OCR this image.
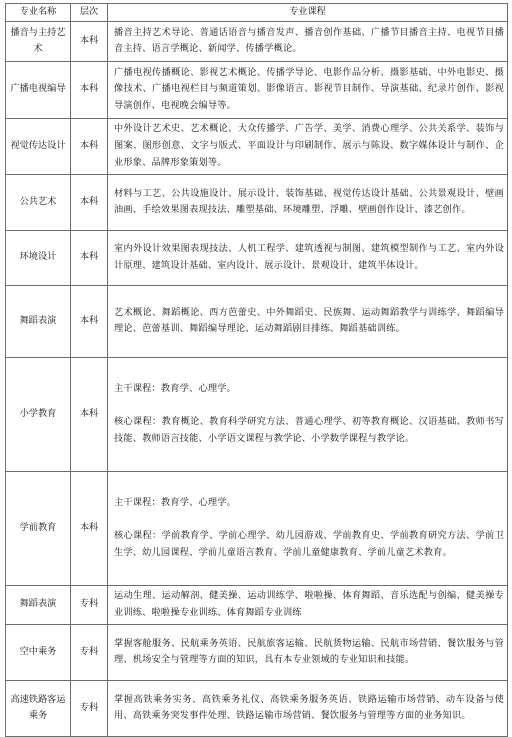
专业名称	层次	专业课程
播音与主持艺术	本科	播音主持艺术导论、普通话语音与播音发声、播音创作基础、广播节目播音主持、电视节目播音主持、语言学概论、新闻学、传播学概论。
广播电视编导	本科	广播电视传播概论、影视艺术概论、传播学导论、电影作品分析、摄影基础、中外电影史、摄像技术、广播电视栏目与频道策划、影像语言、影视节目制作、导演基础、纪录片创作、影视导演创作、电视晚会编导等。
视觉传达设计	本科	中外设计艺术史、艺术概论、大众传播学、广告学、美学、消费心理学、公共关系学、装饰与图案、图形创意、文字与版式、平面设计与印刷制作、展示与陈设、数字媒体设计与制作、企业形象、品牌形象策划等。
公共艺术	本科	材料与工艺、公共设施设计、展示设计、装饰基础、视觉传达设计基础、公共景观设计、壁画油画、手绘效果图表现技法、雕塑基础、环境雕塑、浮雕、壁画创作设计、漆艺创作。
环境设计	本科	室内外设计效果图表现技法、人机工程学、建筑透视与制图、建筑模型制作与工艺、室内外设计原理、建筑设计基础、室内设计、展示设计、景观设计、建筑半体设计。
舞蹈表演	本科	艺术概论、舞蹈概论、西方芭蕾史、中外舞蹈史、民族舞、运动舞蹈教学与训练学、舞蹈编导理论、芭蕾基训、舞蹈编导理论、运动舞蹈剧目排练、舞蹈基础训练。
小学教育	本科	主干课程：教育学、心理学。
核心课程：教育概论、教育科学研究方法、普通心理学、初等教育概论、汉语基础、教师书写技能、教师语言技能、小学语文课程与教学论、小学数学课程与教学论。

学前教育	本科	主干课程：教育学、心理学。
核心课程：学前教育学、学前心理学、幼儿园游戏、学前教育史、学前教育研究方法、学前卫生学、幼儿园课程、学前儿童语言教育、学前儿童健康教育、学前儿童艺术教育。

舞蹈表演	专科	运动生理、运动解剖、健美操、运动训练学、啦啦操、体育舞蹈、音乐选配与创编、健美操专业训练、啦啦操专业训练、体育舞蹈专业训练
空中乘务	专科	掌握客舱服务、民航乘务英语、民航旅客运输、民航货物运输、民航市场营销、餐饮服务与管理、机场安全与管理等方面的知识，具有本专业领域的专业知识和技能。
高速铁路客运乘务	专科	掌握高铁乘务实务、高铁乘务礼仪、高铁乘务服务英语、铁路运输市场营销、动车设备与使用、高铁乘务突发事件处理、铁路运输市场营销、餐饮服务与管理等方面的业务知识。
